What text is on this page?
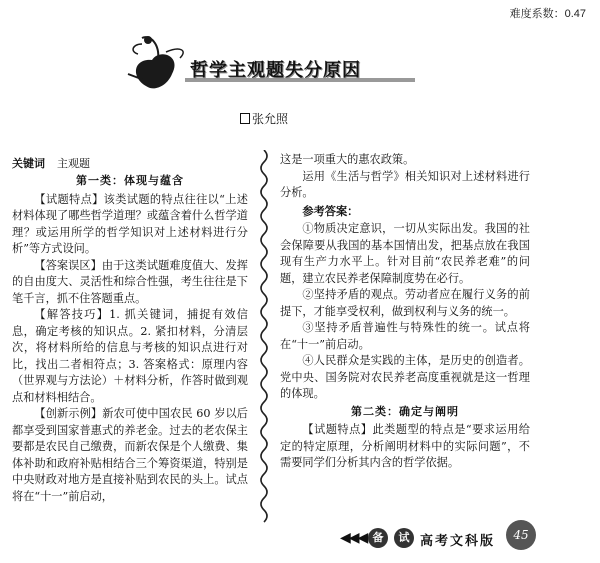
难度系数：0.47
哲学主观题失分原因
张允照
关键词 主观题
第一类：体现与蕴含

【试题特点】该类试题的特点往往以“上述材料体现了哪些哲学道理？或蕴含着什么哲学道理？或运用所学的哲学知识对上述材料进行分析”等方式设问。

【答案误区】由于这类试题难度值大、发挥的自由度大、灵活性和综合性强，考生往往是下笔千言，抓不住答题重点。

【解答技巧】1. 抓关键词，捕捉有效信息，确定考核的知识点。2. 紧扣材料，分清层次，将材料所给的信息与考核的知识点进行对比，找出二者相符点；3. 答案格式：原理内容（世界观与方法论）＋材料分析，作答时做到观点和材料相结合。

【创新示例】新农可使中国农民 60 岁以后都享受到国家普惠式的养老金。过去的老农保主要都是农民自己缴费，而新农保是个人缴费、集体补助和政府补贴相结合三个筹资渠道，特别是中央财政对地方是直接补贴到农民的头上。试点将在“十一”前启动，

这是一项重大的惠农政策。

运用《生活与哲学》相关知识对上述材料进行分析。

参考答案：

①物质决定意识，一切从实际出发。我国的社会保障要从我国的基本国情出发，把基点放在我国现有生产力水平上。针对目前“农民养老难”的问题，建立农民养老保障制度势在必行。

②坚持矛盾的观点。劳动者应在履行义务的前提下，才能享受权利，做到权利与义务的统一。

③坚持矛盾普遍性与特殊性的统一。试点将在“十一”前启动。

④人民群众是实践的主体，是历史的创造者。党中央、国务院对农民养老高度重视就是这一哲理的体现。

第二类：确定与阐明

【试题特点】此类题型的特点是“要求运用给定的特定原理，分析阐明材料中的实际问题”，不需要同学们分析其内含的哲学依据。

◀◀◀ 备	试 高考文科版	45
